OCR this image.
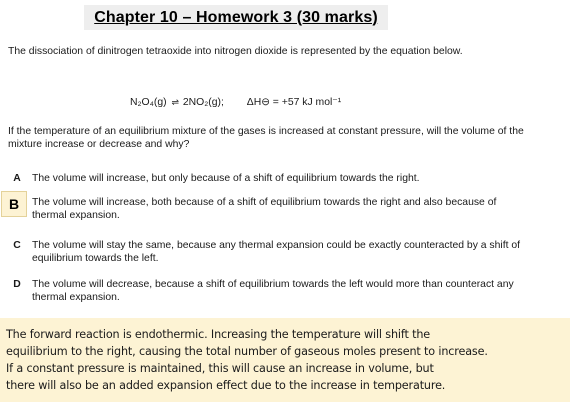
Chapter 10 – Homework 3 (30 marks)
The dissociation of dinitrogen tetraoxide into nitrogen dioxide is represented by the equation below.
N₂O₄(g) ⇌ 2NO₂(g); ΔH⊖ = +57 kJ mol⁻¹
If the temperature of an equilibrium mixture of the gases is increased at constant pressure, will the volume of the mixture increase or decrease and why?
A	The volume will increase, but only because of a shift of equilibrium towards the right.
B The volume will increase, both because of a shift of equilibrium towards the right and also because of thermal expansion.
C	The volume will stay the same, because any thermal expansion could be exactly counteracted by a shift of equilibrium towards the left.
D	The volume will decrease, because a shift of equilibrium towards the left would more than counteract any thermal expansion.
The forward reaction is endothermic. Increasing the temperature will shift the
equilibrium to the right, causing the total number of gaseous moles present to increase.
If a constant pressure is maintained, this will cause an increase in volume, but
there will also be an added expansion effect due to the increase in temperature.
